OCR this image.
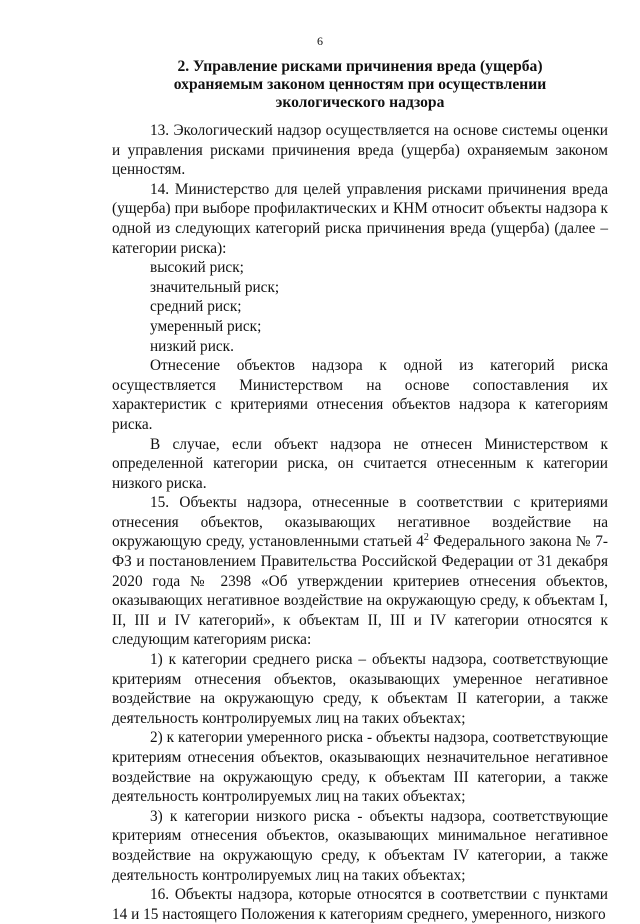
6
2. Управление рисками причинения вреда (ущерба)
охраняемым законом ценностям при осуществлении
экологического надзора

13. Экологический надзор осуществляется на основе системы оценки и управления рисками причинения вреда (ущерба) охраняемым законом ценностям.

14. Министерство для целей управления рисками причинения вреда (ущерба) при выборе профилактических и КНМ относит объекты надзора к одной из следующих категорий риска причинения вреда (ущерба) (далее – категории риска):

высокий риск;
значительный риск;
средний риск;
умеренный риск;
низкий риск.

Отнесение объектов надзора к одной из категорий риска осуществляется Министерством на основе сопоставления их характеристик с критериями отнесения объектов надзора к категориям риска.

В случае, если объект надзора не отнесен Министерством к определенной категории риска, он считается отнесенным к категории низкого риска.

15. Объекты надзора, отнесенные в соответствии с критериями отнесения объектов, оказывающих негативное воздействие на окружающую среду, установленными статьей $4^2$ Федерального закона № 7-ФЗ и постановлением Правительства Российской Федерации от 31 декабря 2020 года № 2398 «Об утверждении критериев отнесения объектов, оказывающих негативное воздействие на окружающую среду, к объектам I, II, III и IV категорий», к объектам II, III и IV категории относятся к следующим категориям риска:

1) к категории среднего риска – объекты надзора, соответствующие критериям отнесения объектов, оказывающих умеренное негативное воздействие на окружающую среду, к объектам II категории, а также деятельность контролируемых лиц на таких объектах;

2) к категории умеренного риска - объекты надзора, соответствующие критериям отнесения объектов, оказывающих незначительное негативное воздействие на окружающую среду, к объектам III категории, а также деятельность контролируемых лиц на таких объектах;

3) к категории низкого риска - объекты надзора, соответствующие критериям отнесения объектов, оказывающих минимальное негативное воздействие на окружающую среду, к объектам IV категории, а также деятельность контролируемых лиц на таких объектах;

16. Объекты надзора, которые относятся в соответствии с пунктами 14 и 15 настоящего Положения к категориям среднего, умеренного, низкого
